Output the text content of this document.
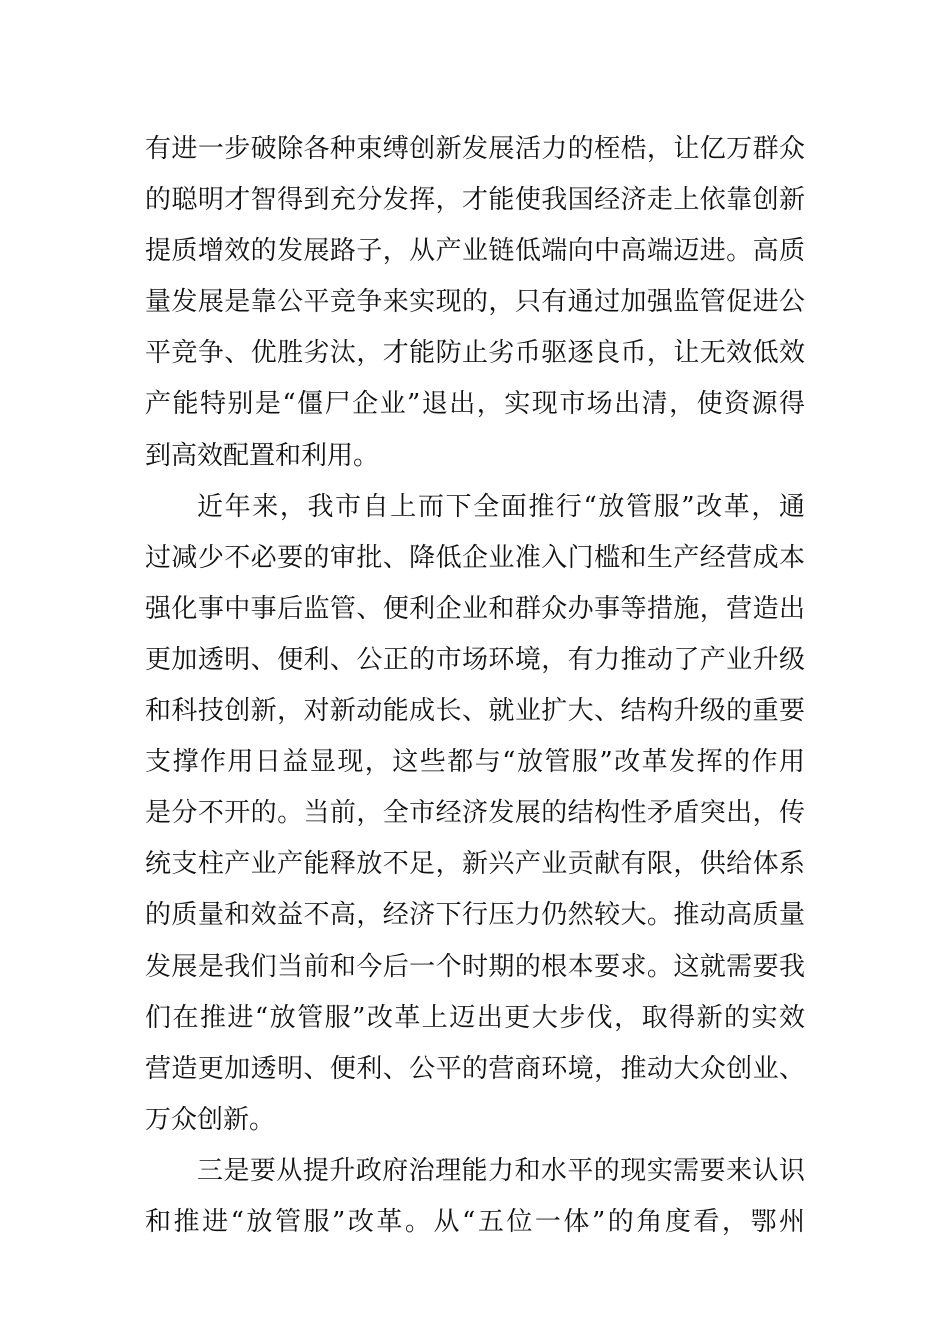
有进一步破除各种束缚创新发展活力的桎梏，让亿万群众
的聪明才智得到充分发挥，才能使我国经济走上依靠创新
提质增效的发展路子，从产业链低端向中高端迈进。高质
量发展是靠公平竞争来实现的，只有通过加强监管促进公
平竞争、优胜劣汰，才能防止劣币驱逐良币，让无效低效
产能特别是“僵尸企业”退出，实现市场出清，使资源得
到高效配置和利用。
近年来，我市自上而下全面推行“放管服”改革，通
过减少不必要的审批、降低企业准入门槛和生产经营成本
强化事中事后监管、便利企业和群众办事等措施，营造出
更加透明、便利、公正的市场环境，有力推动了产业升级
和科技创新，对新动能成长、就业扩大、结构升级的重要
支撑作用日益显现，这些都与“放管服”改革发挥的作用
是分不开的。当前，全市经济发展的结构性矛盾突出，传
统支柱产业产能释放不足，新兴产业贡献有限，供给体系
的质量和效益不高，经济下行压力仍然较大。推动高质量
发展是我们当前和今后一个时期的根本要求。这就需要我
们在推进“放管服”改革上迈出更大步伐，取得新的实效
营造更加透明、便利、公平的营商环境，推动大众创业、
万众创新。
三是要从提升政府治理能力和水平的现实需要来认识
和推进“放管服”改革。从“五位一体”的角度看，鄂州
